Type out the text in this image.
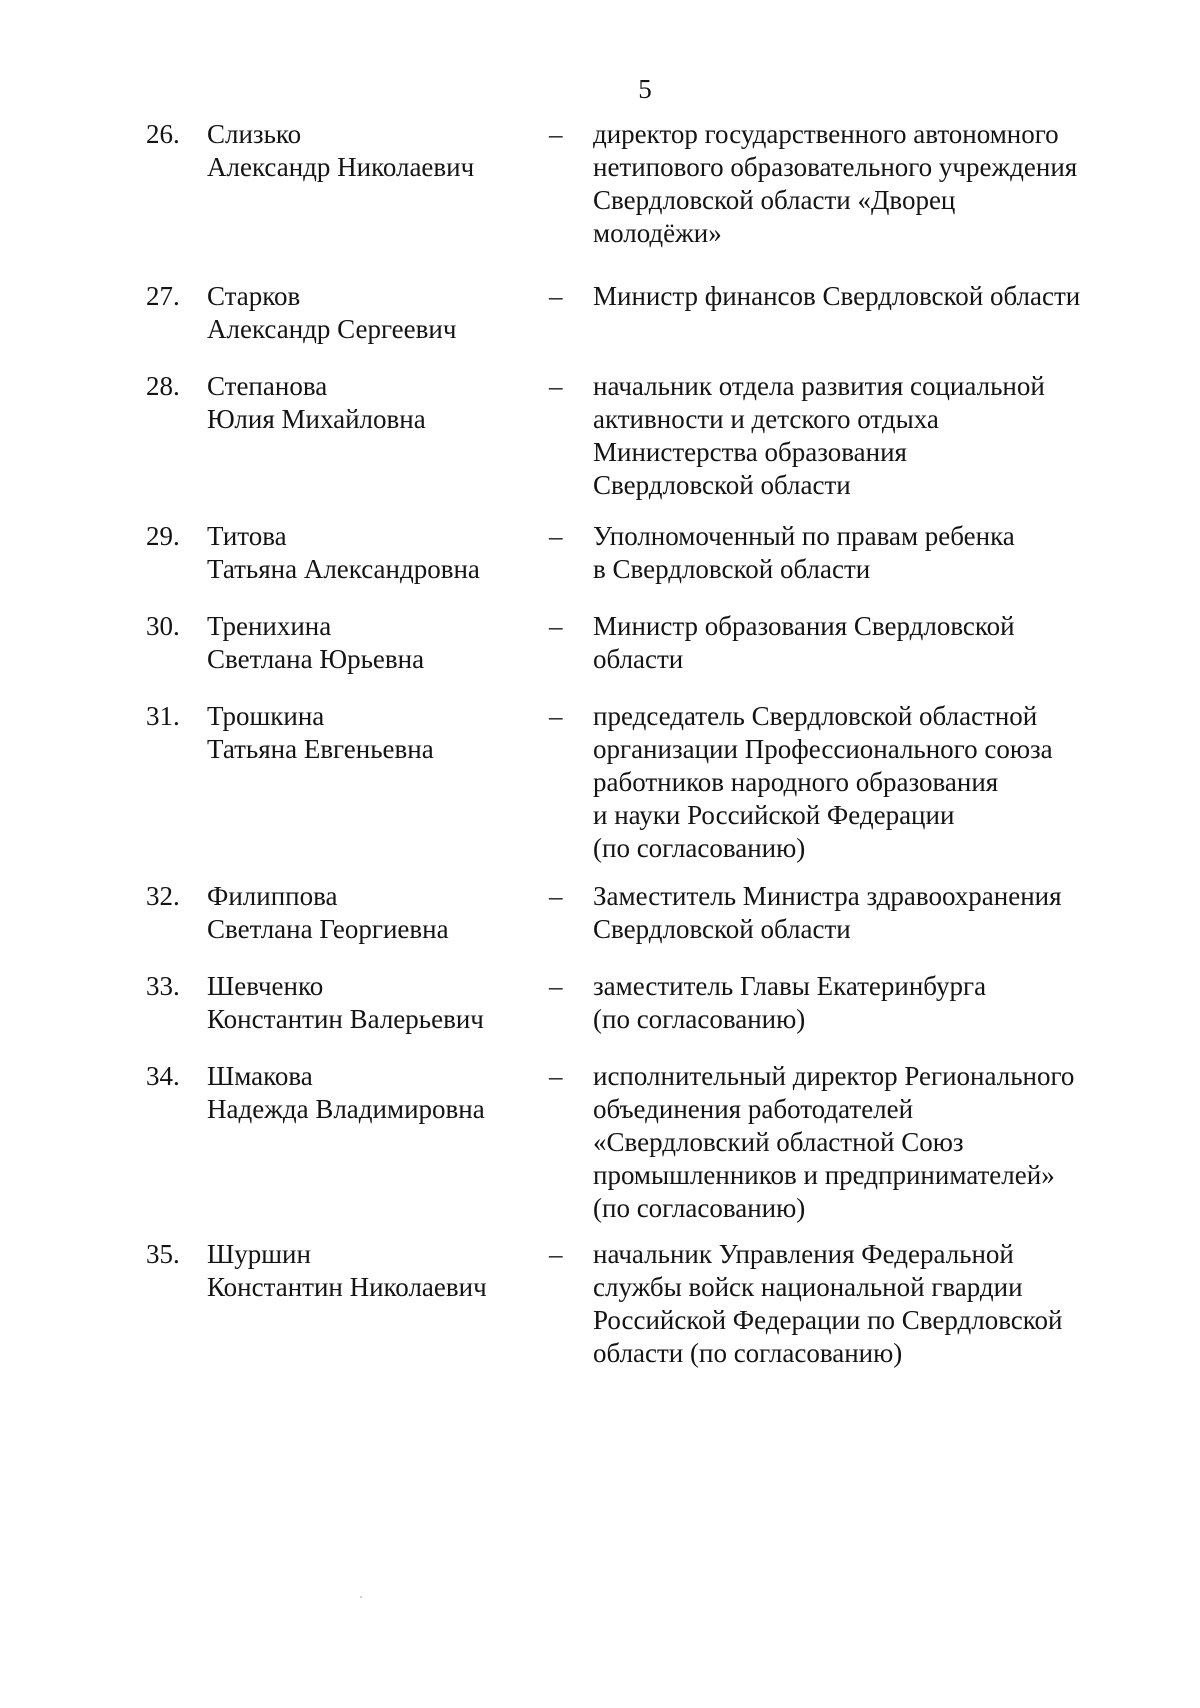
5
26. Слизько
Александр Николаевич
– директор государственного автономного
нетипового образовательного учреждения
Свердловской области «Дворец
молодёжи»
27. Старков
Александр Сергеевич
– Министр финансов Свердловской области
28. Степанова
Юлия Михайловна
– начальник отдела развития социальной
активности и детского отдыха
Министерства образования
Свердловской области
29. Титова
Татьяна Александровна
– Уполномоченный по правам ребенка
в Свердловской области
30. Тренихина
Светлана Юрьевна
– Министр образования Свердловской
области
31. Трошкина
Татьяна Евгеньевна
– председатель Свердловской областной
организации Профессионального союза
работников народного образования
и науки Российской Федерации
(по согласованию)
32. Филиппова
Светлана Георгиевна
– Заместитель Министра здравоохранения
Свердловской области
33. Шевченко
Константин Валерьевич
– заместитель Главы Екатеринбурга
(по согласованию)
34. Шмакова
Надежда Владимировна
– исполнительный директор Регионального
объединения работодателей
«Свердловский областной Союз
промышленников и предпринимателей»
(по согласованию)
35. Шуршин
Константин Николаевич
– начальник Управления Федеральной
службы войск национальной гвардии
Российской Федерации по Свердловской
области (по согласованию)
